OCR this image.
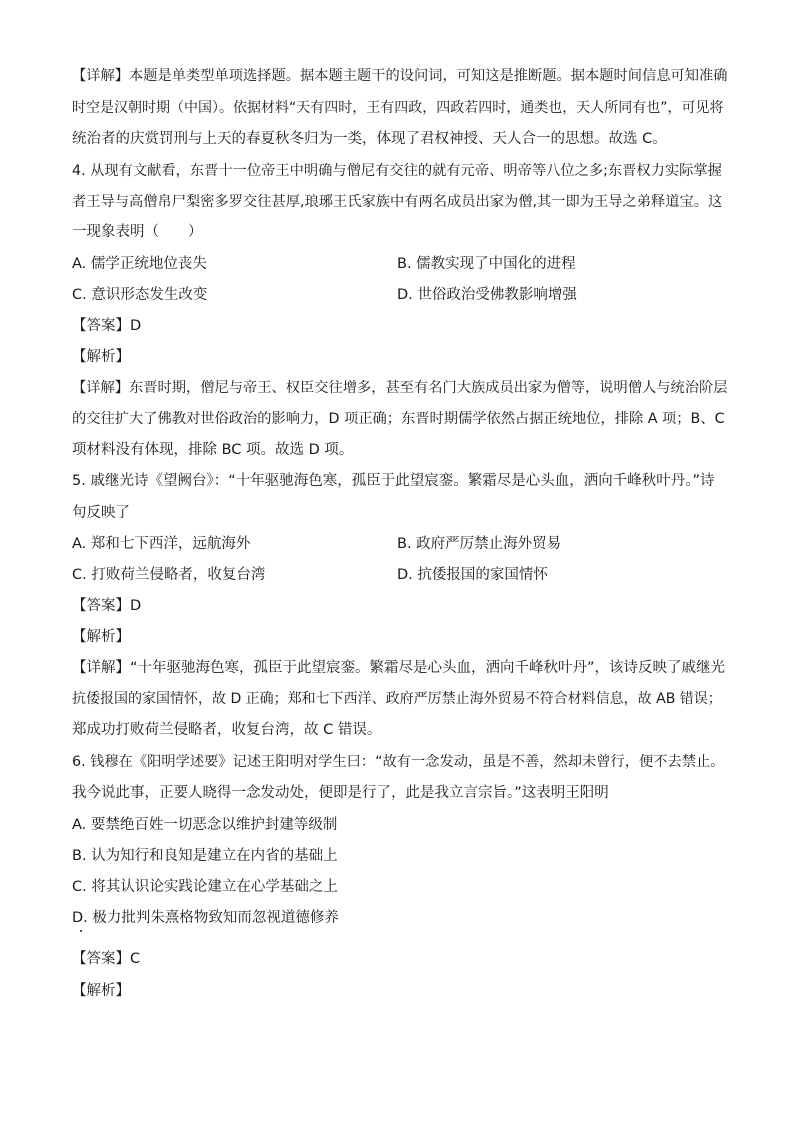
【详解】本题是单类型单项选择题。据本题主题干的设问词，可知这是推断题。据本题时间信息可知准确
时空是汉朝时期（中国）。依据材料“天有四时，王有四政，四政若四时，通类也，天人所同有也”，可见将
统治者的庆赏罚刑与上天的春夏秋冬归为一类，体现了君权神授、天人合一的思想。故选 C。
4. 从现有文献看，东晋十一位帝王中明确与僧尼有交往的就有元帝、明帝等八位之多;东晋权力实际掌握
者王导与高僧帛尸梨密多罗交往甚厚,琅琊王氏家族中有两名成员出家为僧,其一即为王导之弟释道宝。这
一现象表明（　　）
A. 儒学正统地位丧失	B. 儒教实现了中国化的进程
C. 意识形态发生改变	D. 世俗政治受佛教影响增强
【答案】D
【解析】
【详解】东晋时期，僧尼与帝王、权臣交往增多，甚至有名门大族成员出家为僧等，说明僧人与统治阶层
的交往扩大了佛教对世俗政治的影响力，D 项正确；东晋时期儒学依然占据正统地位，排除 A 项；B、C
项材料没有体现，排除 BC 项。故选 D 项。
5. 戚继光诗《望阙台》：“十年驱驰海色寒，孤臣于此望宸銮。繁霜尽是心头血，洒向千峰秋叶丹。”诗
句反映了
A. 郑和七下西洋，远航海外	B. 政府严厉禁止海外贸易
C. 打败荷兰侵略者，收复台湾	D. 抗倭报国的家国情怀
【答案】D
【解析】
【详解】“十年驱驰海色寒，孤臣于此望宸銮。繁霜尽是心头血，洒向千峰秋叶丹”，该诗反映了戚继光
抗倭报国的家国情怀，故 D 正确；郑和七下西洋、政府严厉禁止海外贸易不符合材料信息，故 AB 错误；
郑成功打败荷兰侵略者，收复台湾，故 C 错误。
6. 钱穆在《阳明学述要》记述王阳明对学生曰：“故有一念发动，虽是不善，然却未曾行，便不去禁止。
我今说此事，正要人晓得一念发动处，便即是行了，此是我立言宗旨。”这表明王阳明
A. 要禁绝百姓一切恶念以维护封建等级制
B. 认为知行和良知是建立在内省的基础上
C. 将其认识论实践论建立在心学基础之上
D. 极力批判朱熹格物致知而忽视道德修养
【答案】C
【解析】
